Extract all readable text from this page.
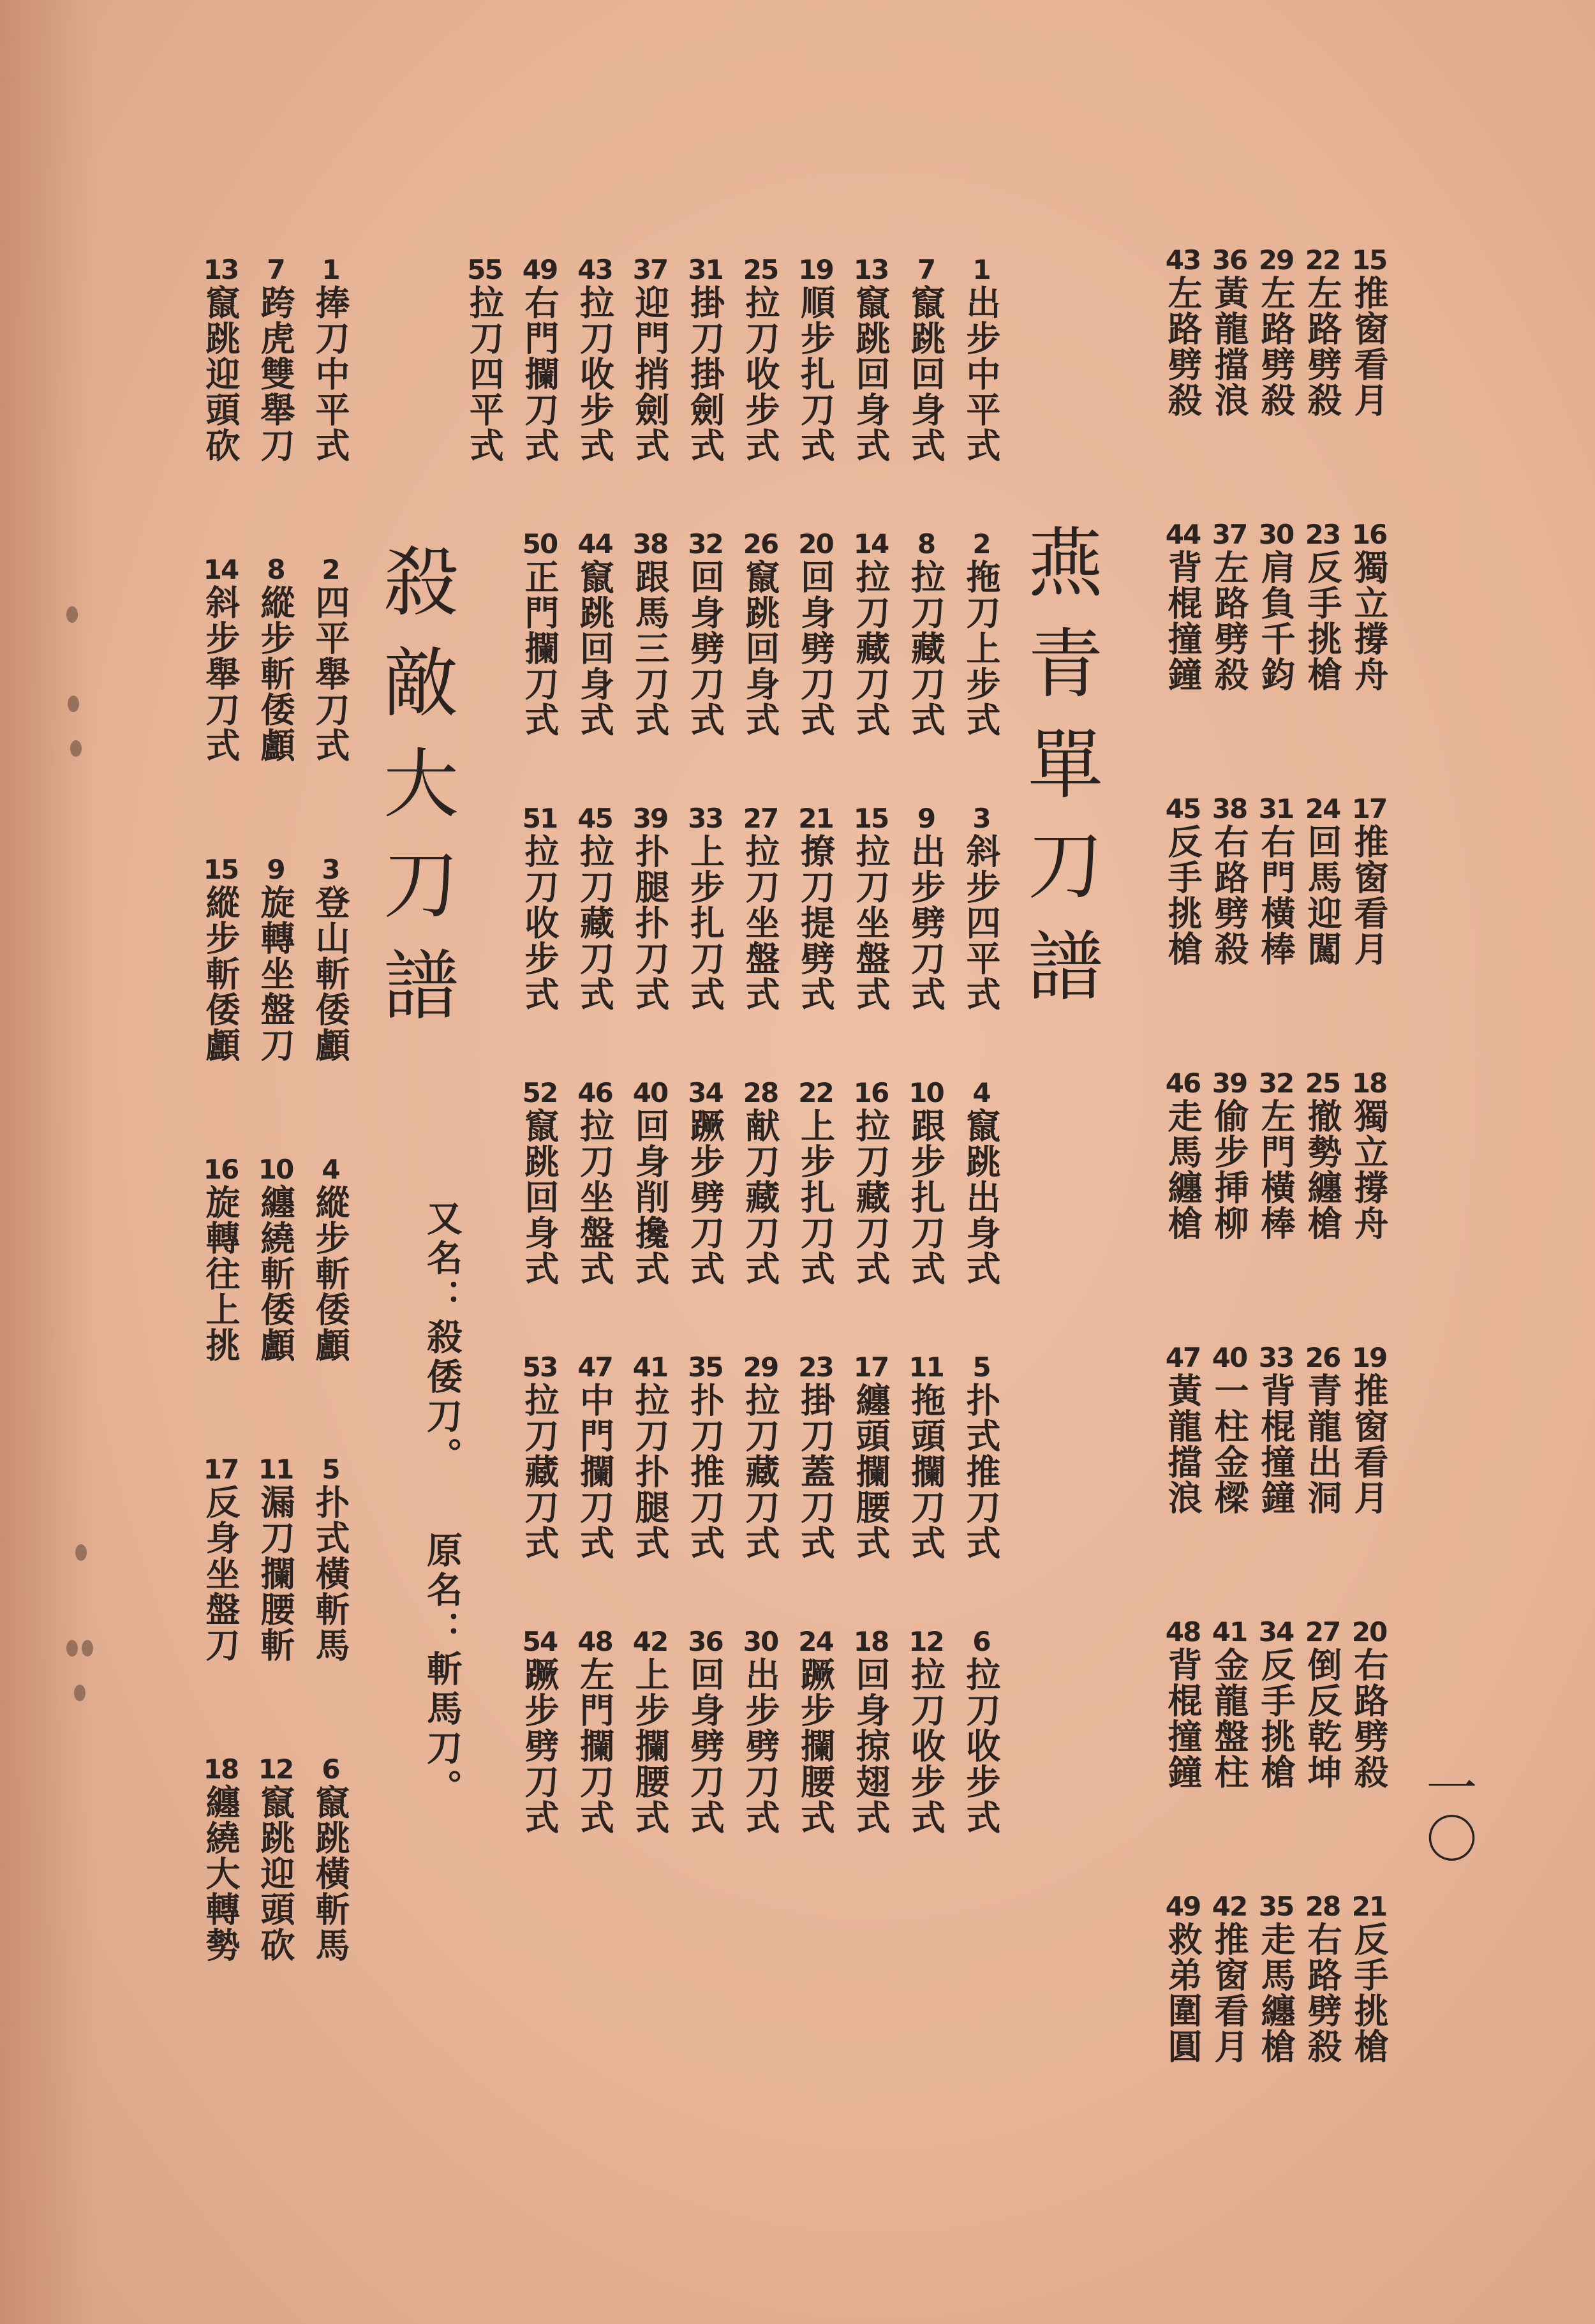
燕青單刀譜
殺敵大刀譜
又名：殺倭刀。
原名：斬馬刀。
一〇
15
推窗看月
22
左路劈殺
29
左路劈殺
36
黃龍擋浪
43
左路劈殺
16
獨立撐舟
23
反手挑槍
30
肩負千鈞
37
左路劈殺
44
背棍撞鐘
17
推窗看月
24
回馬迎闖
31
右門橫棒
38
右路劈殺
45
反手挑槍
18
獨立撐舟
25
撤勢纏槍
32
左門橫棒
39
偷步挿柳
46
走馬纏槍
19
推窗看月
26
青龍出洞
33
背棍撞鐘
40
一柱金樑
47
黃龍擋浪
20
右路劈殺
27
倒反乾坤
34
反手挑槍
41
金龍盤柱
48
背棍撞鐘
21
反手挑槍
28
右路劈殺
35
走馬纏槍
42
推窗看月
49
救弟圍圓
1
出步中平式
7
竄跳回身式
13
竄跳回身式
19
順步扎刀式
25
拉刀收步式
31
掛刀掛劍式
37
迎門捎劍式
43
拉刀收步式
49
右門攔刀式
55
拉刀四平式
2
拖刀上步式
8
拉刀藏刀式
14
拉刀藏刀式
20
回身劈刀式
26
竄跳回身式
32
回身劈刀式
38
跟馬三刀式
44
竄跳回身式
50
正門攔刀式
3
斜步四平式
9
出步劈刀式
15
拉刀坐盤式
21
撩刀提劈式
27
拉刀坐盤式
33
上步扎刀式
39
扑腿扑刀式
45
拉刀藏刀式
51
拉刀收步式
4
竄跳出身式
10
跟步扎刀式
16
拉刀藏刀式
22
上步扎刀式
28
献刀藏刀式
34
蹶步劈刀式
40
回身削攙式
46
拉刀坐盤式
52
竄跳回身式
5
扑式推刀式
11
拖頭攔刀式
17
纏頭攔腰式
23
掛刀蓋刀式
29
拉刀藏刀式
35
扑刀推刀式
41
拉刀扑腿式
47
中門攔刀式
53
拉刀藏刀式
6
拉刀收步式
12
拉刀收步式
18
回身掠翅式
24
蹶步攔腰式
30
出步劈刀式
36
回身劈刀式
42
上步攔腰式
48
左門攔刀式
54
蹶步劈刀式
1
捧刀中平式
7
跨虎雙舉刀
13
竄跳迎頭砍
2
四平舉刀式
8
縱步斬倭顱
14
斜步舉刀式
3
登山斬倭顱
9
旋轉坐盤刀
15
縱步斬倭顱
4
縱步斬倭顱
10
纏繞斬倭顱
16
旋轉往上挑
5
扑式橫斬馬
11
漏刀攔腰斬
17
反身坐盤刀
6
竄跳橫斬馬
12
竄跳迎頭砍
18
纏繞大轉勢
